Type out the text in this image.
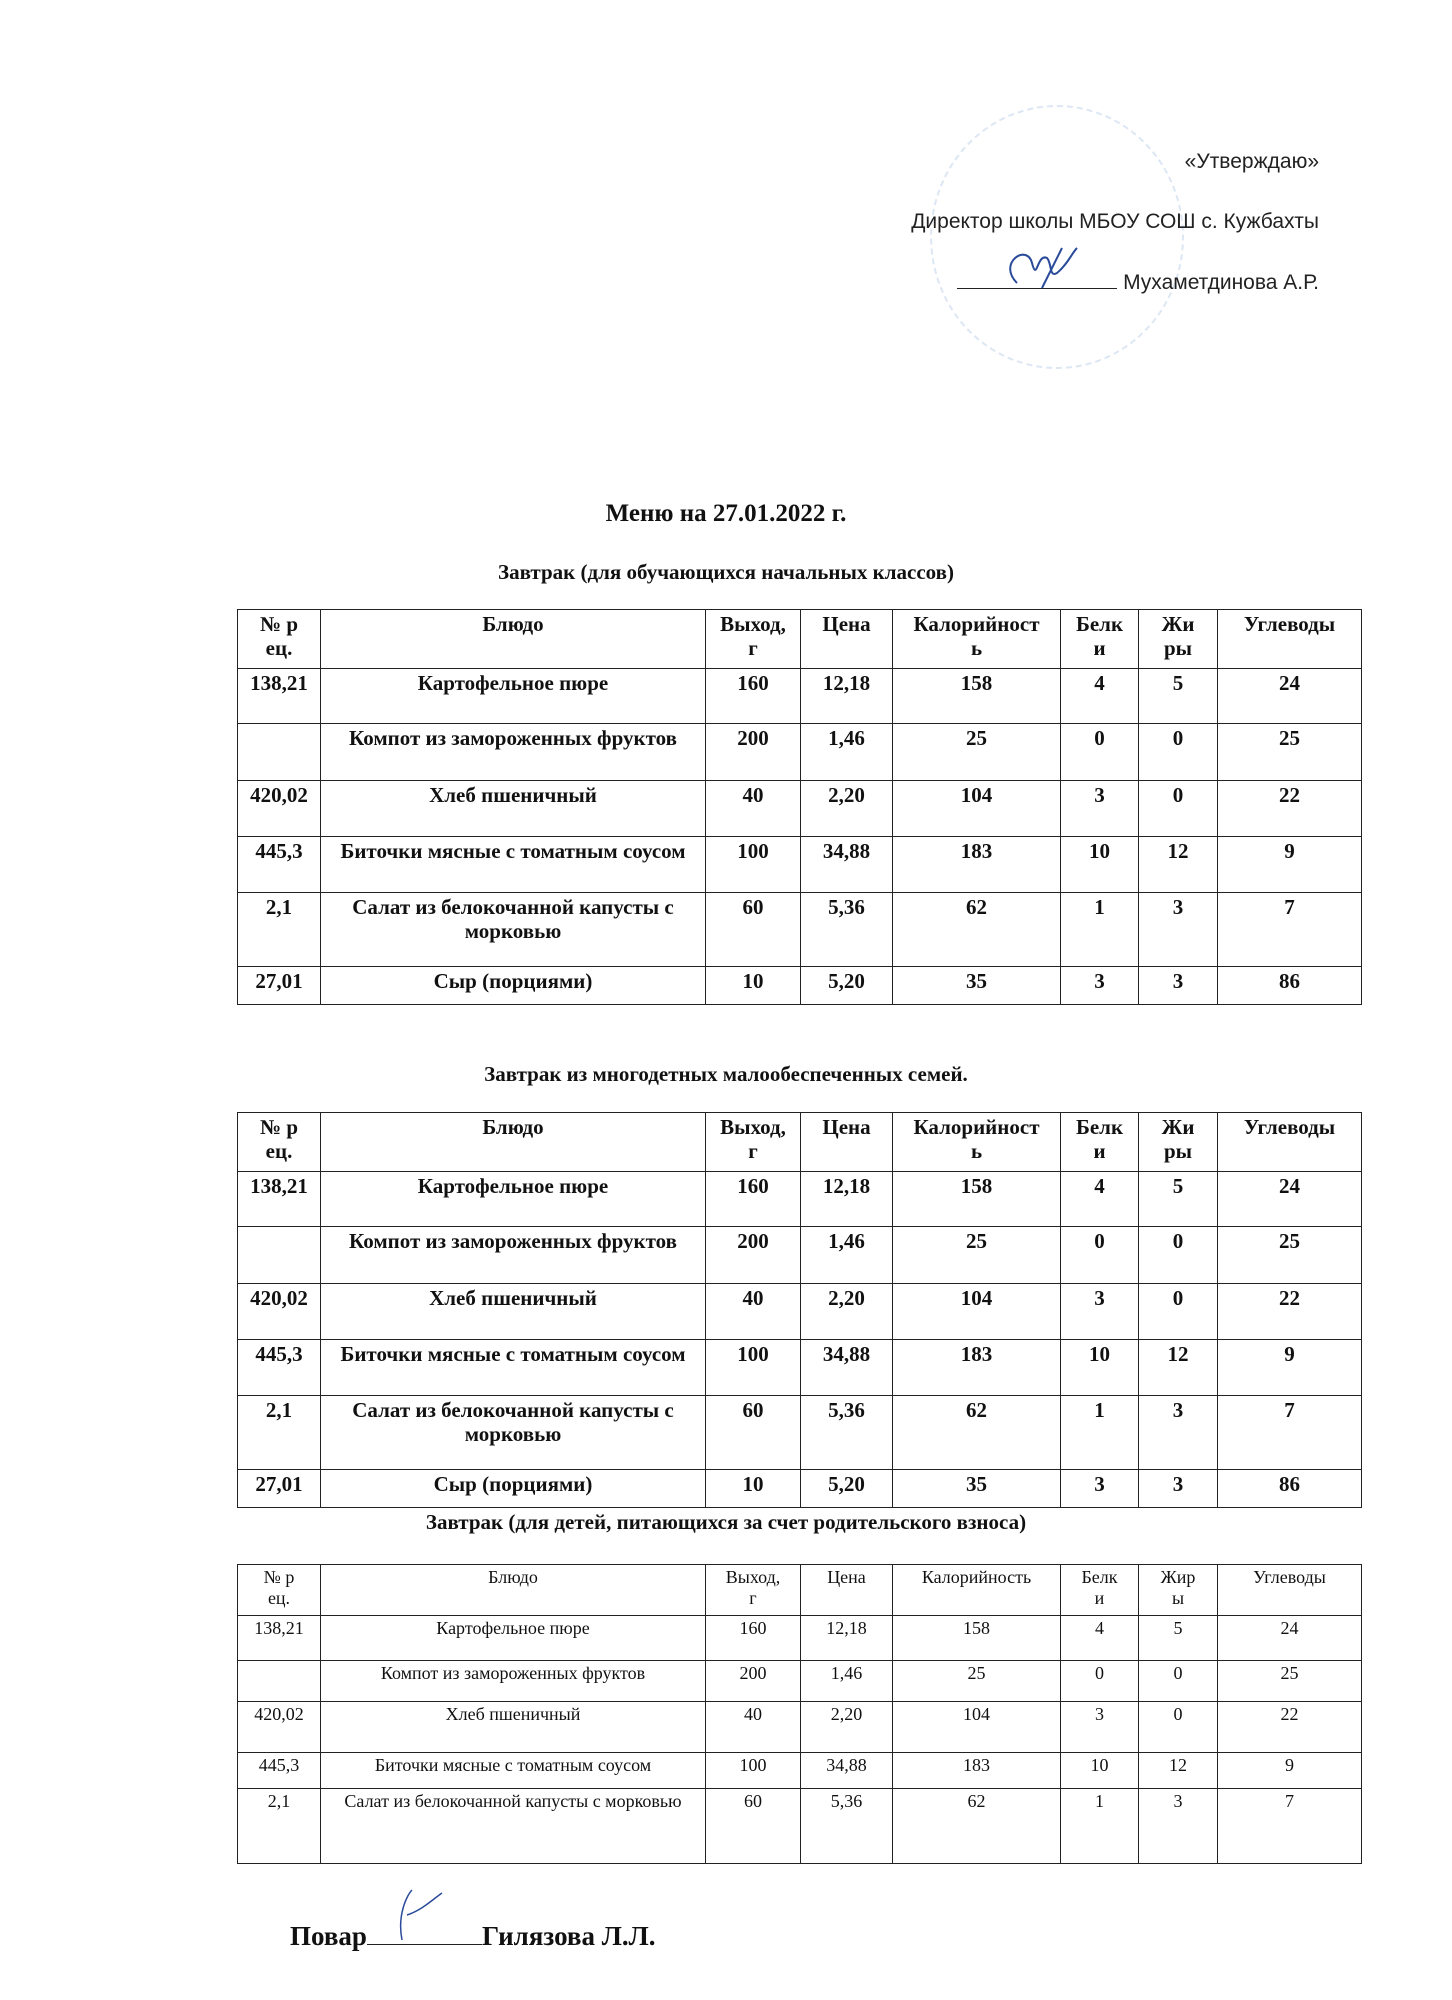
«Утверждаю»
Директор школы МБОУ СОШ с. Кужбахты
Мухаметдинова А.Р.
Меню на 27.01.2022 г.
Завтрак (для обучающихся начальных классов)
№ рец.	Блюдо	Выход, г	Цена	Калорийность	Белки	Жиры	Углеводы
138,21	Картофельное пюре	160	12,18	158	4	5	24
	Компот из замороженных фруктов	200	1,46	25	0	0	25
420,02	Хлеб пшеничный	40	2,20	104	3	0	22
445,3	Биточки мясные с томатным соусом	100	34,88	183	10	12	9
2,1	Салат из белокочанной капусты с морковью	60	5,36	62	1	3	7
27,01	Сыр (порциями)	10	5,20	35	3	3	86
Завтрак из многодетных малообеспеченных семей.
№ рец.	Блюдо	Выход, г	Цена	Калорийность	Белки	Жиры	Углеводы
138,21	Картофельное пюре	160	12,18	158	4	5	24
	Компот из замороженных фруктов	200	1,46	25	0	0	25
420,02	Хлеб пшеничный	40	2,20	104	3	0	22
445,3	Биточки мясные с томатным соусом	100	34,88	183	10	12	9
2,1	Салат из белокочанной капусты с морковью	60	5,36	62	1	3	7
27,01	Сыр (порциями)	10	5,20	35	3	3	86
Завтрак (для детей, питающихся за счет родительского взноса)
№ рец.	Блюдо	Выход, г	Цена	Калорийность	Белки	Жиры	Углеводы
138,21	Картофельное пюре	160	12,18	158	4	5	24
	Компот из замороженных фруктов	200	1,46	25	0	0	25
420,02	Хлеб пшеничный	40	2,20	104	3	0	22
445,3	Биточки мясные с томатным соусом	100	34,88	183	10	12	9
2,1	Салат из белокочанной капусты с морковью	60	5,36	62	1	3	7
Повар	Гилязова Л.Л.
